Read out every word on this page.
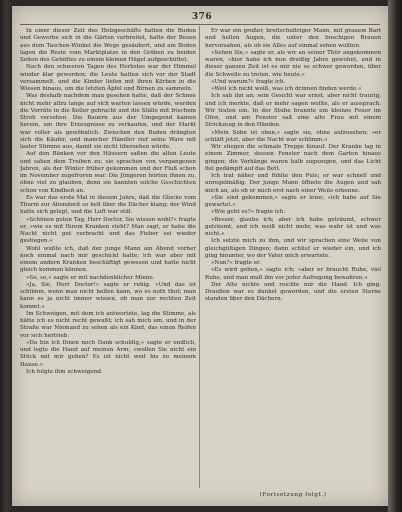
376

In einer dieser Zeit des Holzgeschäfts hatten die Buden und Gewerbe sich in die Gärten verbreitet, hatte der Besen aus dem Taschen-Winkel die Wege gesäubert, und am Boden lagen die Reste vom Marktplatze in den Gräben zu beiden Seiten des Gehöftes zu einem kleinen Hügel aufgeschüttet.

Nach den schweren Tagen des Herbstes war der Himmel wieder klar geworden; die Leute hatten sich vor der Stadt versammelt, und die Kinder liefen mit ihren Körben in die Wiesen hinaus, um die letzten Äpfel und Birnen zu sammeln.

Was deshalb nachdem man gesehen hatte, daß der Schnee nicht mehr allzu lange auf sich warten lassen würde, wurden die Vorräte in die Keller gebracht und die Ställe mit frischem Stroh versehen. Die Bauern aus der Umgegend kamen herein, um ihre Erzeugnisse zu verkaufen, und der Markt war voller als gewöhnlich. Zwischen den Buden drängten sich die Käufer, und mancher Händler rief seine Ware mit lauter Stimme aus, damit sie nicht übersehen würde.

Auf den Bänken vor den Häusern saßen die alten Leute und sahen dem Treiben zu; sie sprachen von vergangenen Jahren, als der Winter früher gekommen und der Fluß schon im November zugefroren war. Die Jüngeren hörten ihnen zu, ohne viel zu glauben, denn sie kannten solche Geschichten schon von Kindheit an.

Es war das erste Mal in diesem Jahre, daß die Glocke vom Thurm zur Abendzeit so hell über die Dächer klang; der Wind hatte sich gelegt, und die Luft war still.

»Schönen guten Tag, Herr Doctor, Sie wissen wohl?« fragte er, »wie es mit Ihrem Kranken steht? Man sagt, er habe die Nacht nicht gut verbracht und das Fieber sei wieder gestiegen.«

Wohl wußte ich, daß der junge Mann am Abend vorher noch einmal nach mir geschickt hatte; ich war aber mit einem andern Kranken beschäftigt gewesen und hatte nicht gleich kommen können.

»So, so,« sagte er mit nachdenklicher Miene.

»Ja, Sie, Herr Doctor!« sagte er ruhig. »Und das ist schlimm, wenn man nicht helfen kann, wo es noth thut; man kann es ja nicht immer wissen, ob man zur rechten Zeit kommt.«

Im Schweigen, mit dem ich antwortete, lag die Stimme, als hätte ich es nicht recht gewußt; ich sah mich um, und in der Straße war Niemand zu sehen als ein Kind, das einen Reifen vor sich hertrieb.

»Da bin ich Ihnen noch Dank schuldig,« sagte er endlich, und legte die Hand auf meinen Arm; »wollen Sie nicht ein Stück mit mir gehen? Es ist nicht weit bis zu meinem Hause.«

Ich folgte ihm schweigend.

Er war ein großer, breitschultriger Mann, mit grauem Bart und hellen Augen, die unter den buschigen Brauen hervorsahen, als ob sie Alles auf einmal sehen wollten.

»Sehen Sie,« sagte er, als wir an seiner Thür angekommen waren, »hier habe ich nun dreißig Jahre gewohnt, und in dieser ganzen Zeit ist es mir nie so schwer geworden, über die Schwelle zu treten, wie heute.«

»Und warum?« fragte ich.

»Weil ich nicht weiß, was ich drinnen finden werde.«

Ich sah ihn an; sein Gesicht war ernst, aber nicht traurig, und ich merkte, daß er mehr sagen wollte, als er aussprach. Wir traten ein. In der Stube brannte ein kleines Feuer im Ofen, und am Fenster saß eine alte Frau mit einem Strickzeug in den Händen.

»Mein Sohn ist oben,« sagte sie, ohne aufzusehen; »er schläft jetzt, aber die Nacht war schlimm.«

Wir stiegen die schmale Treppe hinauf. Der Kranke lag in einem Zimmer, dessen Fenster nach dem Garten hinaus gingen; die Vorhänge waren halb zugezogen, und das Licht fiel gedämpft auf das Bett.

Ich trat näher und fühlte den Puls; er war schnell und unregelmäßig. Der junge Mann öffnete die Augen und sah mich an, als ob er mich erst nach einer Weile erkenne.

»Sie sind gekommen,« sagte er leise; »ich habe auf Sie gewartet.«

»Wie geht es?« fragte ich.

»Besser, glaube ich; aber ich habe geträumt, schwer geträumt, und ich weiß nicht mehr, was wahr ist und was nicht.«

Ich setzte mich zu ihm, und wir sprachen eine Weile von gleichgültigen Dingen; dann schlief er wieder ein, und ich ging hinunter, wo der Vater mich erwartete.

»Nun?« fragte er.

»Es wird gehen,« sagte ich; »aber er braucht Ruhe, viel Ruhe, und man muß ihn vor jeder Aufregung bewahren.«

Der Alte nickte und reichte mir die Hand. Ich ging. Draußen war es dunkel geworden, und die ersten Sterne standen über den Dächern.

(Fortsetzung folgt.)
